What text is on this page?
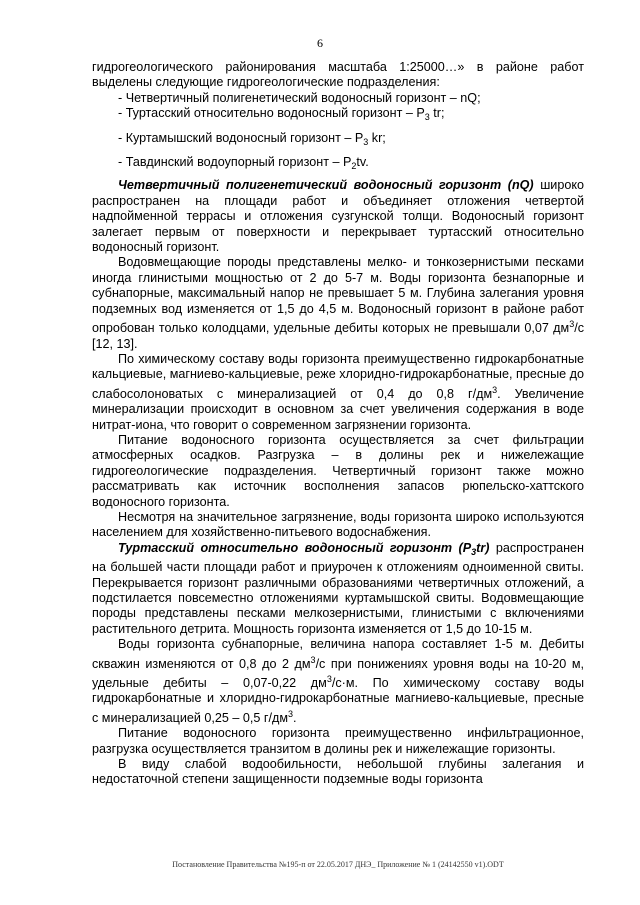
6

гидрогеологического районирования масштаба 1:25000…» в районе работ выделены следующие гидрогеологические подразделения:

- Четвертичный полигенетический водоносный горизонт – nQ;

- Туртасский относительно водоносный горизонт – $P_3$ tr;

- Куртамышский водоносный горизонт – $P_3$ kr;

- Тавдинский водоупорный горизонт – $P_2tv$.

Четвертичный полигенетический водоносный горизонт (nQ) широко распространен на площади работ и объединяет отложения четвертой надпойменной террасы и отложения сузгунской толщи. Водоносный горизонт залегает первым от поверхности и перекрывает туртасский относительно водоносный горизонт.

Водовмещающие породы представлены мелко- и тонкозернистыми песками иногда глинистыми мощностью от 2 до 5-7 м. Воды горизонта безнапорные и субнапорные, максимальный напор не превышает 5 м. Глубина залегания уровня подземных вод изменяется от 1,5 до 4,5 м. Водоносный горизонт в районе работ опробован только колодцами, удельные дебиты которых не превышали 0,07 $дм^3/с$ [12, 13].

По химическому составу воды горизонта преимущественно гидрокарбонатные кальциевые, магниево-кальциевые, реже хлоридно-гидрокарбонатные, пресные до слабосолоноватых с минерализацией от 0,4 до 0,8 $г/дм^3$. Увеличение минерализации происходит в основном за счет увеличения содержания в воде нитрат-иона, что говорит о современном загрязнении горизонта.

Питание водоносного горизонта осуществляется за счет фильтрации атмосферных осадков. Разгрузка – в долины рек и нижележащие гидрогеологические подразделения. Четвертичный горизонт также можно рассматривать как источник восполнения запасов рюпельско-хаттского водоносного горизонта.

Несмотря на значительное загрязнение, воды горизонта широко используются населением для хозяйственно-питьевого водоснабжения.

Туртасский относительно водоносный горизонт $(P_3tr)$ распространен на большей части площади работ и приурочен к отложениям одноименной свиты. Перекрывается горизонт различными образованиями четвертичных отложений, а подстилается повсеместно отложениями куртамышской свиты. Водовмещающие породы представлены песками мелкозернистыми, глинистыми с включениями растительного детрита. Мощность горизонта изменяется от 1,5 до 10-15 м.

Воды горизонта субнапорные, величина напора составляет 1-5 м. Дебиты скважин изменяются от 0,8 до 2 $дм^3/с$ при понижениях уровня воды на 10-20 м, удельные дебиты – 0,07-0,22 $дм^3/с\cdot м$. По химическому составу воды гидрокарбонатные и хлоридно-гидрокарбонатные магниево-кальциевые, пресные с минерализацией 0,25 – 0,5 $г/дм^3$.

Питание водоносного горизонта преимущественно инфильтрационное, разгрузка осуществляется транзитом в долины рек и нижележащие горизонты.

В виду слабой водообильности, небольшой глубины залегания и недостаточной степени защищенности подземные воды горизонта

Постановление Правительства №195-п от 22.05.2017 ДНЭ_ Приложение № 1 (24142550 v1).ODT
